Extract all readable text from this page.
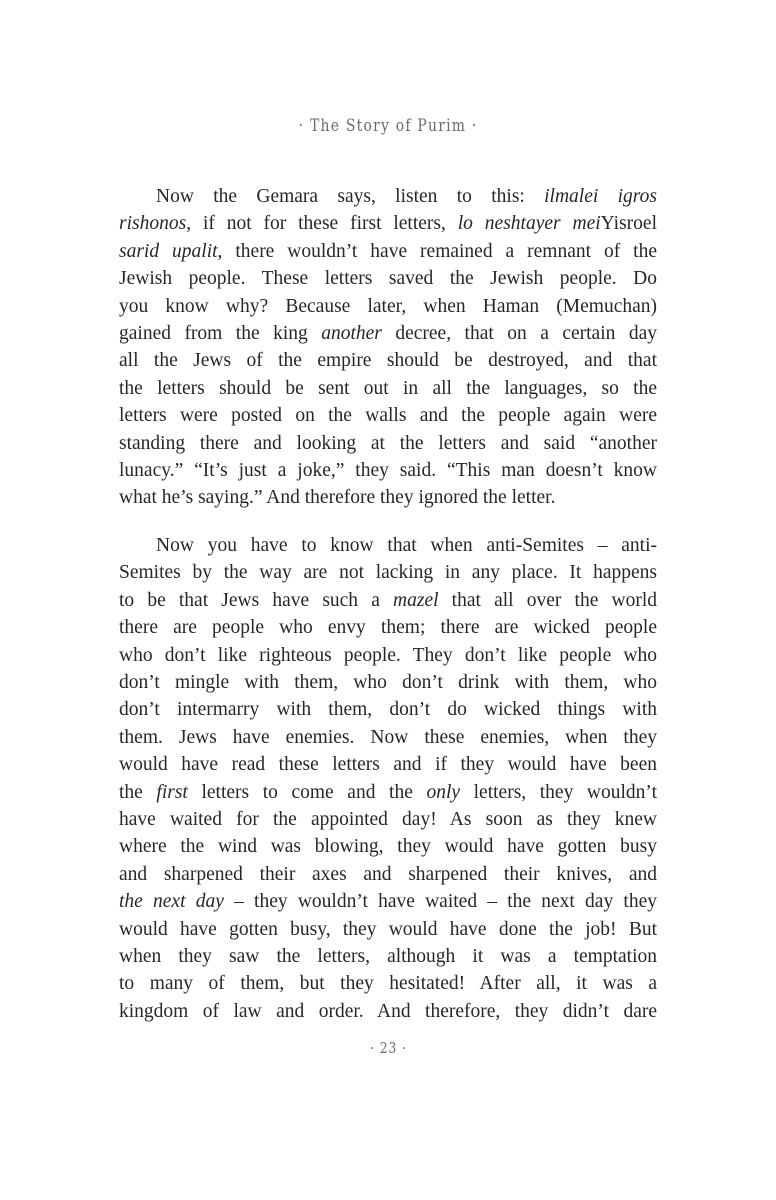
· The Story of Purim ·
Now the Gemara says, listen to this: ilmalei igros
rishonos, if not for these first letters, lo neshtayer meiYisroel
sarid upalit, there wouldn’t have remained a remnant of the
Jewish people. These letters saved the Jewish people. Do
you know why? Because later, when Haman (Memuchan)
gained from the king another decree, that on a certain day
all the Jews of the empire should be destroyed, and that
the letters should be sent out in all the languages, so the
letters were posted on the walls and the people again were
standing there and looking at the letters and said “another
lunacy.” “It’s just a joke,” they said. “This man doesn’t know
what he’s saying.” And therefore they ignored the letter.
Now you have to know that when anti-Semites – anti-
Semites by the way are not lacking in any place. It happens
to be that Jews have such a mazel that all over the world
there are people who envy them; there are wicked people
who don’t like righteous people. They don’t like people who
don’t mingle with them, who don’t drink with them, who
don’t intermarry with them, don’t do wicked things with
them. Jews have enemies. Now these enemies, when they
would have read these letters and if they would have been
the first letters to come and the only letters, they wouldn’t
have waited for the appointed day! As soon as they knew
where the wind was blowing, they would have gotten busy
and sharpened their axes and sharpened their knives, and
the next day – they wouldn’t have waited – the next day they
would have gotten busy, they would have done the job! But
when they saw the letters, although it was a temptation
to many of them, but they hesitated! After all, it was a
kingdom of law and order. And therefore, they didn’t dare
· 23 ·
